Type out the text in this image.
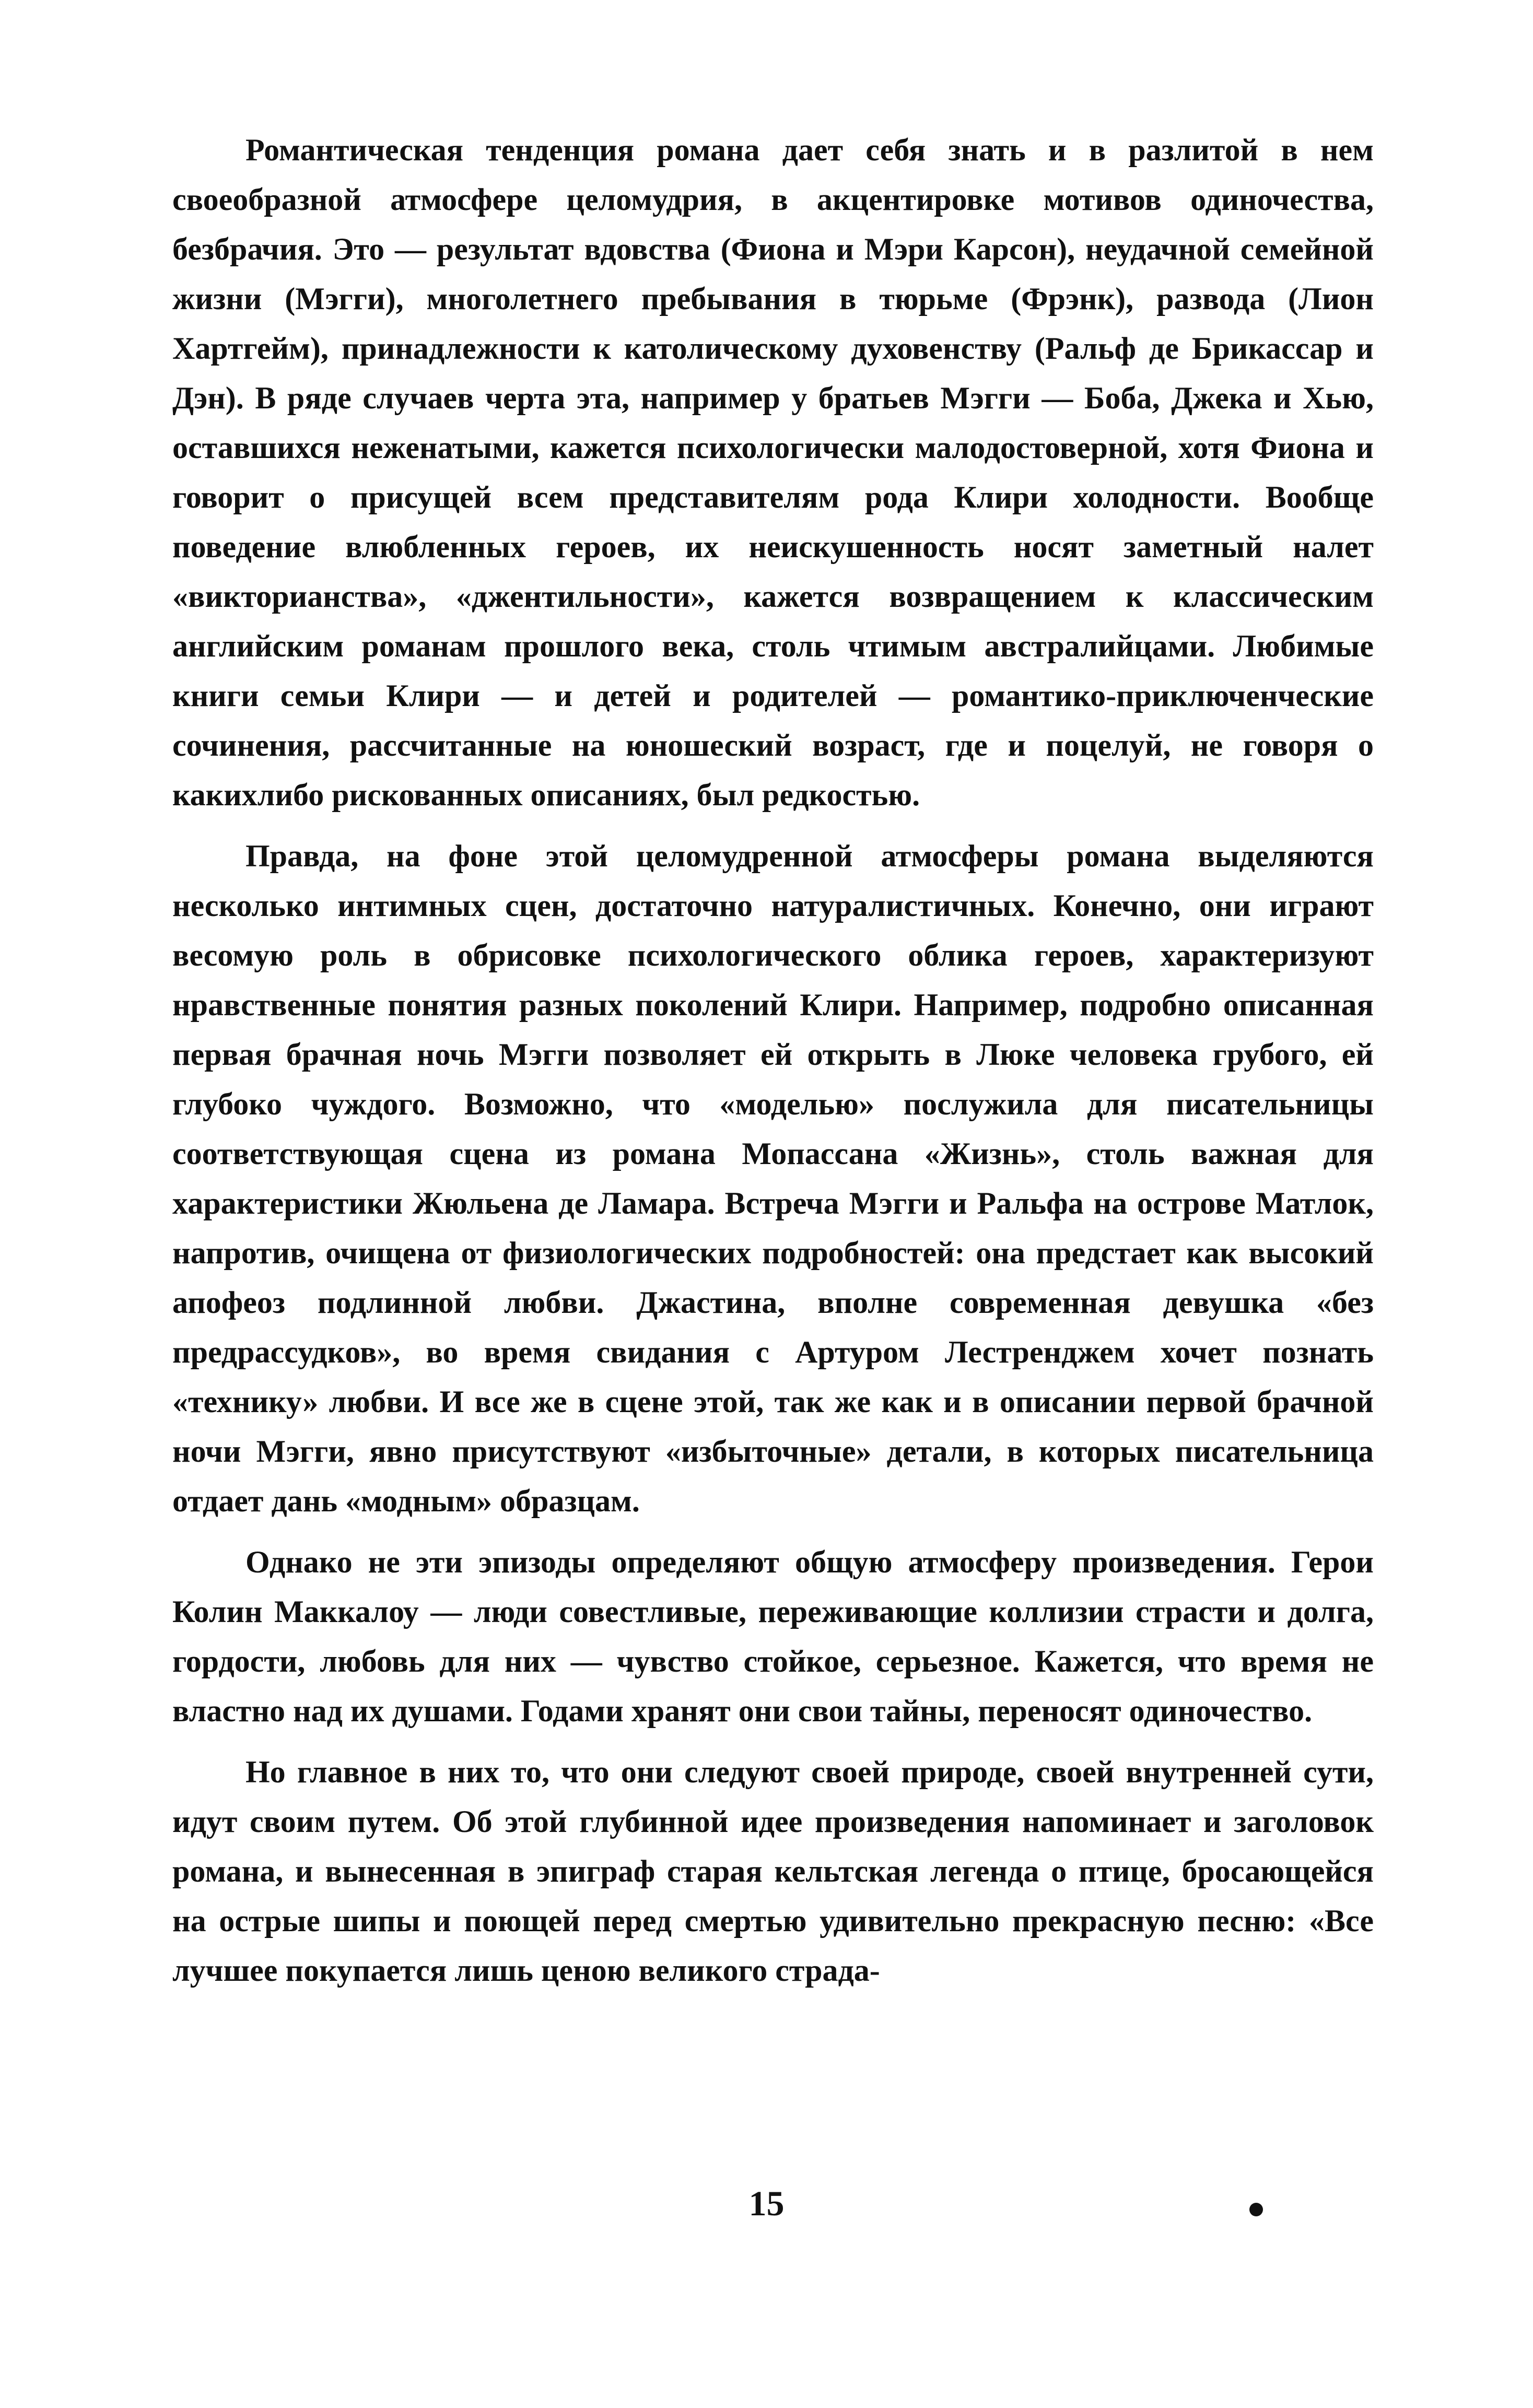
Романтическая тенденция романа дает себя знать и в разлитой в нем своеобразной атмосфере целомудрия, в акцентировке мотивов одиночества, безбрачия. Это — результат вдовства (Фиона и Мэри Карсон), неудачной семейной жизни (Мэгги), многолетнего пребывания в тюрьме (Фрэнк), развода (Лион Хартгейм), принадлежности к католическому духовенству (Ральф де Брикассар и Дэн). В ряде случаев черта эта, например у братьев Мэгги — Боба, Джека и Хью, оставшихся неженатыми, кажется психологически малодостоверной, хотя Фиона и говорит о присущей всем представителям рода Клири холодности. Вообще поведение влюбленных героев, их неискушенность носят заметный налет «викторианства», «джентильности», кажется возвращением к классическим английским романам прошлого века, столь чтимым австралийцами. Любимые книги семьи Клири — и детей и родителей — романтико-приключенческие сочинения, рассчитанные на юношеский возраст, где и поцелуй, не говоря о какихлибо рискованных описаниях, был редкостью.

Правда, на фоне этой целомудренной атмосферы романа выделяются несколько интимных сцен, достаточно натуралистичных. Конечно, они играют весомую роль в обрисовке психологического облика героев, характеризуют нравственные понятия разных поколений Клири. Например, подробно описанная первая брачная ночь Мэгги позволяет ей открыть в Люке человека грубого, ей глубоко чуждого. Возможно, что «моделью» послужила для писательницы соответствующая сцена из романа Мопассана «Жизнь», столь важная для характеристики Жюльена де Ламара. Встреча Мэгги и Ральфа на острове Матлок, напротив, очищена от физиологических подробностей: она предстает как высокий апофеоз подлинной любви. Джастина, вполне современная девушка «без предрассудков», во время свидания с Артуром Лестренджем хочет познать «технику» любви. И все же в сцене этой, так же как и в описании первой брачной ночи Мэгги, явно присутствуют «избыточные» детали, в которых писательница отдает дань «модным» образцам.

Однако не эти эпизоды определяют общую атмосферу произведения. Герои Колин Маккалоу — люди совестливые, переживающие коллизии страсти и долга, гордости, любовь для них — чувство стойкое, серьезное. Кажется, что время не властно над их душами. Годами хранят они свои тайны, переносят одиночество.

Но главное в них то, что они следуют своей природе, своей внутренней сути, идут своим путем. Об этой глубинной идее произведения напоминает и заголовок романа, и вынесенная в эпиграф старая кельтская легенда о птице, бросающейся на острые шипы и поющей перед смертью удивительно прекрасную песню: «Все лучшее покупается лишь ценою великого страда-

15
